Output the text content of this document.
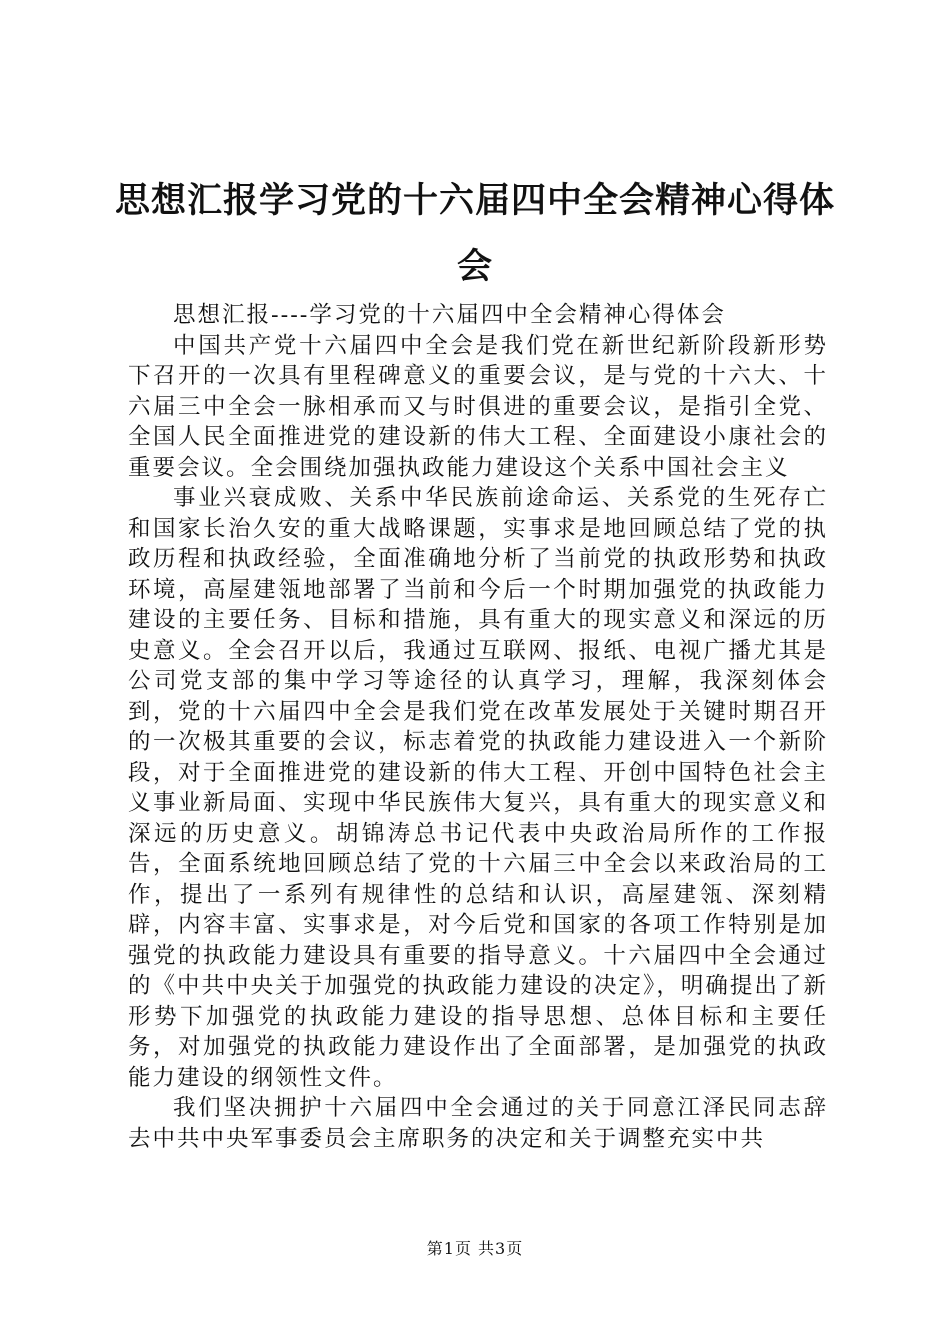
思想汇报学习党的十六届四中全会精神心得体会

思想汇报----学习党的十六届四中全会精神心得体会

中国共产党十六届四中全会是我们党在新世纪新阶段新形势下召开的一次具有里程碑意义的重要会议，是与党的十六大、十六届三中全会一脉相承而又与时俱进的重要会议，是指引全党、全国人民全面推进党的建设新的伟大工程、全面建设小康社会的重要会议。全会围绕加强执政能力建设这个关系中国社会主义

事业兴衰成败、关系中华民族前途命运、关系党的生死存亡和国家长治久安的重大战略课题，实事求是地回顾总结了党的执政历程和执政经验，全面准确地分析了当前党的执政形势和执政环境，高屋建瓴地部署了当前和今后一个时期加强党的执政能力建设的主要任务、目标和措施，具有重大的现实意义和深远的历史意义。全会召开以后，我通过互联网、报纸、电视广播尤其是公司党支部的集中学习等途径的认真学习，理解，我深刻体会到，党的十六届四中全会是我们党在改革发展处于关键时期召开的一次极其重要的会议，标志着党的执政能力建设进入一个新阶段，对于全面推进党的建设新的伟大工程、开创中国特色社会主义事业新局面、实现中华民族伟大复兴，具有重大的现实意义和深远的历史意义。胡锦涛总书记代表中央政治局所作的工作报告，全面系统地回顾总结了党的十六届三中全会以来政治局的工作，提出了一系列有规律性的总结和认识，高屋建瓴、深刻精辟，内容丰富、实事求是，对今后党和国家的各项工作特别是加强党的执政能力建设具有重要的指导意义。十六届四中全会通过的《中共中央关于加强党的执政能力建设的决定》，明确提出了新形势下加强党的执政能力建设的指导思想、总体目标和主要任务，对加强党的执政能力建设作出了全面部署，是加强党的执政能力建设的纲领性文件。

我们坚决拥护十六届四中全会通过的关于同意江泽民同志辞去中共中央军事委员会主席职务的决定和关于调整充实中共

第1页 共3页
